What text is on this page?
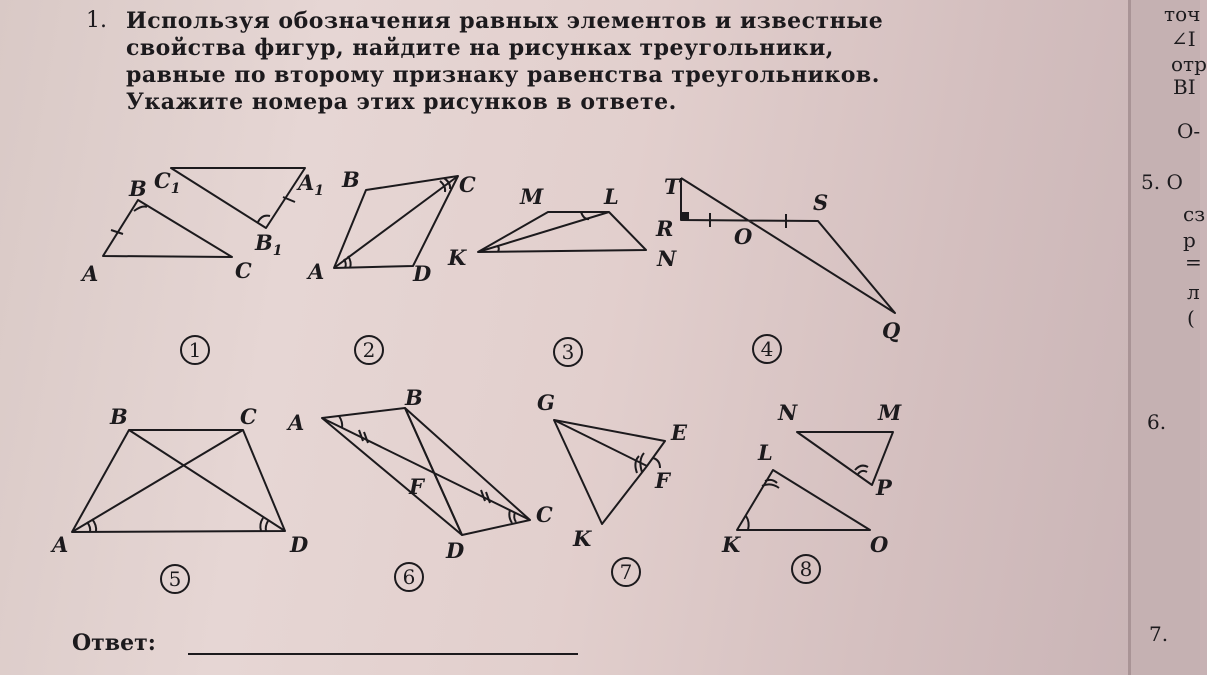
1. Используя обозначения равных элементов и известные
свойства фигур, найдите на рисунках треугольники,
равные по второму признаку равенства треугольников.
Укажите номера этих рисунков в ответе.
$C_1$	$A_1$
B
$B_1$
A	C
B	C
A	D
M	L
K	N
T
R	O
S
Q
B	C
A	D
A
B
F
C
D
G
E
F
K
N	M
L
P
K	O
1	2	3	4
5	6	7	8
Ответ:
точ
∠I
отр
ВI
О-
5. О
сз
р
=
л
(
6.
7.
